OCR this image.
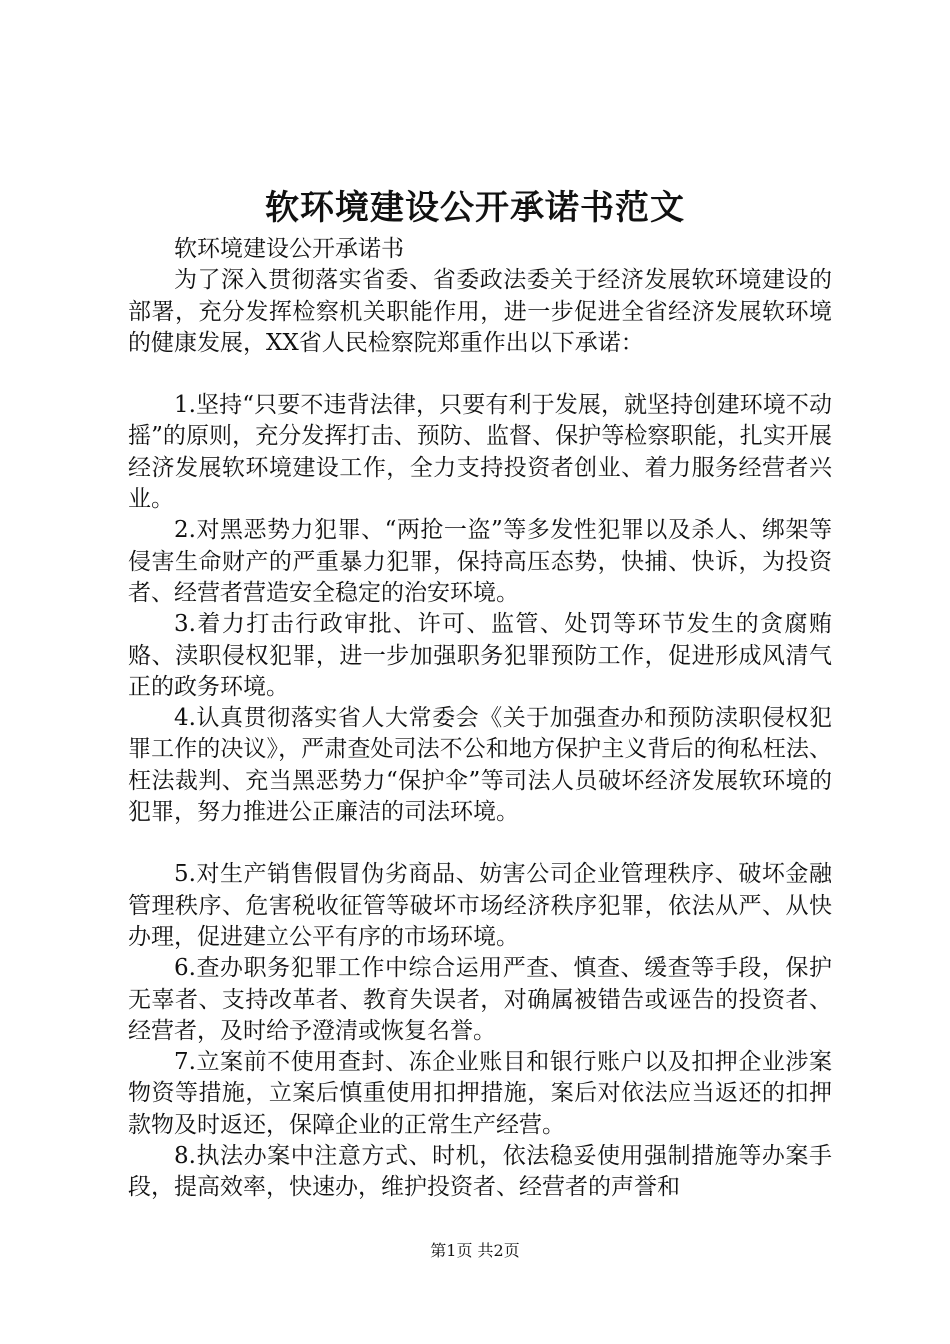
软环境建设公开承诺书范文

软环境建设公开承诺书

为了深入贯彻落实省委、省委政法委关于经济发展软环境建设的部署，充分发挥检察机关职能作用，进一步促进全省经济发展软环境的健康发展，XX省人民检察院郑重作出以下承诺：

1.坚持“只要不违背法律，只要有利于发展，就坚持创建环境不动摇”的原则，充分发挥打击、预防、监督、保护等检察职能，扎实开展经济发展软环境建设工作，全力支持投资者创业、着力服务经营者兴业。

2.对黑恶势力犯罪、“两抢一盗”等多发性犯罪以及杀人、绑架等侵害生命财产的严重暴力犯罪，保持高压态势，快捕、快诉，为投资者、经营者营造安全稳定的治安环境。

3.着力打击行政审批、许可、监管、处罚等环节发生的贪腐贿赂、渎职侵权犯罪，进一步加强职务犯罪预防工作，促进形成风清气正的政务环境。

4.认真贯彻落实省人大常委会《关于加强查办和预防渎职侵权犯罪工作的决议》，严肃查处司法不公和地方保护主义背后的徇私枉法、枉法裁判、充当黑恶势力“保护伞”等司法人员破坏经济发展软环境的犯罪，努力推进公正廉洁的司法环境。

5.对生产销售假冒伪劣商品、妨害公司企业管理秩序、破坏金融管理秩序、危害税收征管等破坏市场经济秩序犯罪，依法从严、从快办理，促进建立公平有序的市场环境。

6.查办职务犯罪工作中综合运用严查、慎查、缓查等手段，保护无辜者、支持改革者、教育失误者，对确属被错告或诬告的投资者、经营者，及时给予澄清或恢复名誉。

7.立案前不使用查封、冻企业账目和银行账户以及扣押企业涉案物资等措施，立案后慎重使用扣押措施，案后对依法应当返还的扣押款物及时返还，保障企业的正常生产经营。

8.执法办案中注意方式、时机，依法稳妥使用强制措施等办案手段，提高效率，快速办，维护投资者、经营者的声誉和

第1页 共2页
